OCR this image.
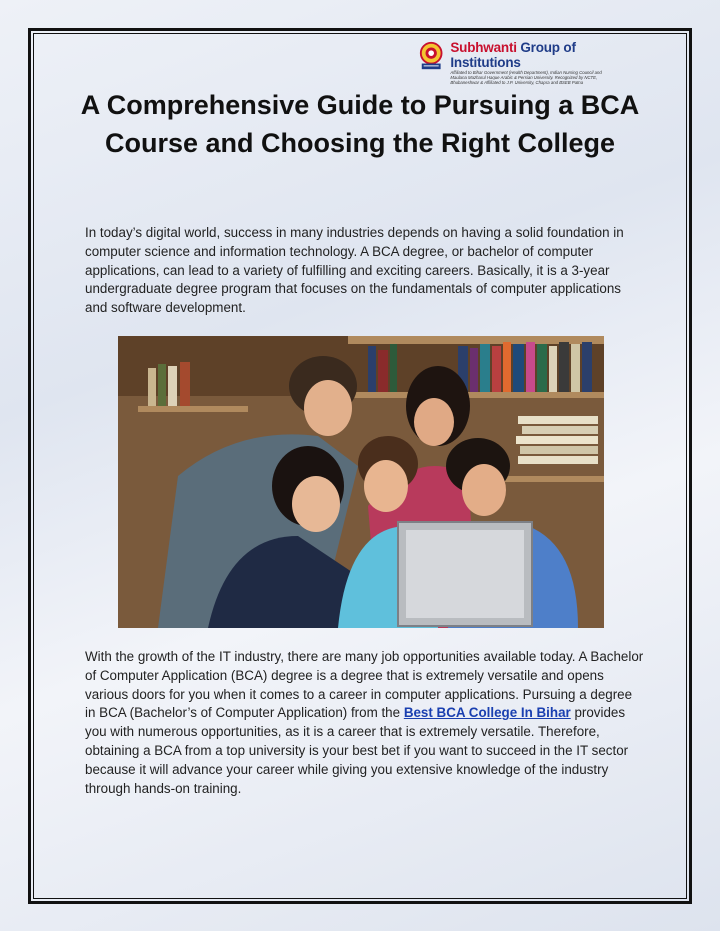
Subhwanti Group of Institutions
Affiliated to Bihar Government (Health Department), Indian Nursing Council and
Maulana Mazharul Haque Arabic & Persian University. Recognized by NCTE,
Bhubaneshwar & Affiliated to J.P. University, Chapra and BSEB Patna
A Comprehensive Guide to Pursuing a BCA Course and Choosing the Right College

In today’s digital world, success in many industries depends on having a solid foundation in computer science and information technology. A BCA degree, or bachelor of computer applications, can lead to a variety of fulfilling and exciting careers. Basically, it is a 3-year undergraduate degree program that focuses on the fundamentals of computer applications and software development.

With the growth of the IT industry, there are many job opportunities available today. A Bachelor of Computer Application (BCA) degree is a degree that is extremely versatile and opens various doors for you when it comes to a career in computer applications. Pursuing a degree in BCA (Bachelor’s of Computer Application) from the Best BCA College In Bihar provides you with numerous opportunities, as it is a career that is extremely versatile. Therefore, obtaining a BCA from a top university is your best bet if you want to succeed in the IT sector because it will advance your career while giving you extensive knowledge of the industry through hands-on training.
